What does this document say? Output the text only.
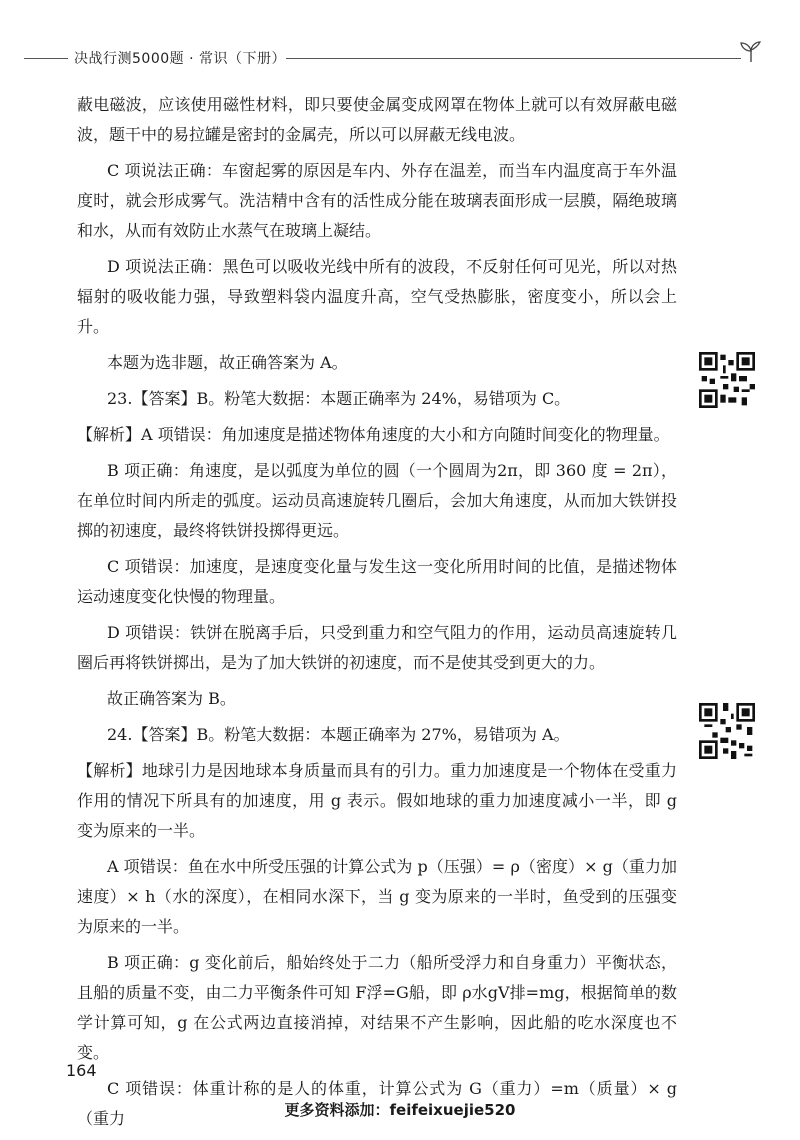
决战行测5000题 · 常识（下册）

蔽电磁波，应该使用磁性材料，即只要使金属变成网罩在物体上就可以有效屏蔽电磁波，题干中的易拉罐是密封的金属壳，所以可以屏蔽无线电波。

C 项说法正确：车窗起雾的原因是车内、外存在温差，而当车内温度高于车外温度时，就会形成雾气。洗洁精中含有的活性成分能在玻璃表面形成一层膜，隔绝玻璃和水，从而有效防止水蒸气在玻璃上凝结。

D 项说法正确：黑色可以吸收光线中所有的波段，不反射任何可见光，所以对热辐射的吸收能力强，导致塑料袋内温度升高，空气受热膨胀，密度变小，所以会上升。

本题为选非题，故正确答案为 A。

23.【答案】B。粉笔大数据：本题正确率为 24%，易错项为 C。

【解析】A 项错误：角加速度是描述物体角速度的大小和方向随时间变化的物理量。

B 项正确：角速度，是以弧度为单位的圆（一个圆周为2π，即 360 度 = 2π），在单位时间内所走的弧度。运动员高速旋转几圈后，会加大角速度，从而加大铁饼投掷的初速度，最终将铁饼投掷得更远。

C 项错误：加速度，是速度变化量与发生这一变化所用时间的比值，是描述物体运动速度变化快慢的物理量。

D 项错误：铁饼在脱离手后，只受到重力和空气阻力的作用，运动员高速旋转几圈后再将铁饼掷出，是为了加大铁饼的初速度，而不是使其受到更大的力。

故正确答案为 B。

24.【答案】B。粉笔大数据：本题正确率为 27%，易错项为 A。

【解析】地球引力是因地球本身质量而具有的引力。重力加速度是一个物体在受重力作用的情况下所具有的加速度，用 g 表示。假如地球的重力加速度减小一半，即 g 变为原来的一半。

A 项错误：鱼在水中所受压强的计算公式为 p（压强）= ρ（密度）× g（重力加速度）× h（水的深度），在相同水深下，当 g 变为原来的一半时，鱼受到的压强变为原来的一半。

B 项正确：g 变化前后，船始终处于二力（船所受浮力和自身重力）平衡状态，且船的质量不变，由二力平衡条件可知 F浮=G船，即 ρ水gV排=mg，根据简单的数学计算可知，g 在公式两边直接消掉，对结果不产生影响，因此船的吃水深度也不变。

C 项错误：体重计称的是人的体重，计算公式为 G（重力）=m（质量）× g（重力

164
更多资料添加：feifeixuejie520
